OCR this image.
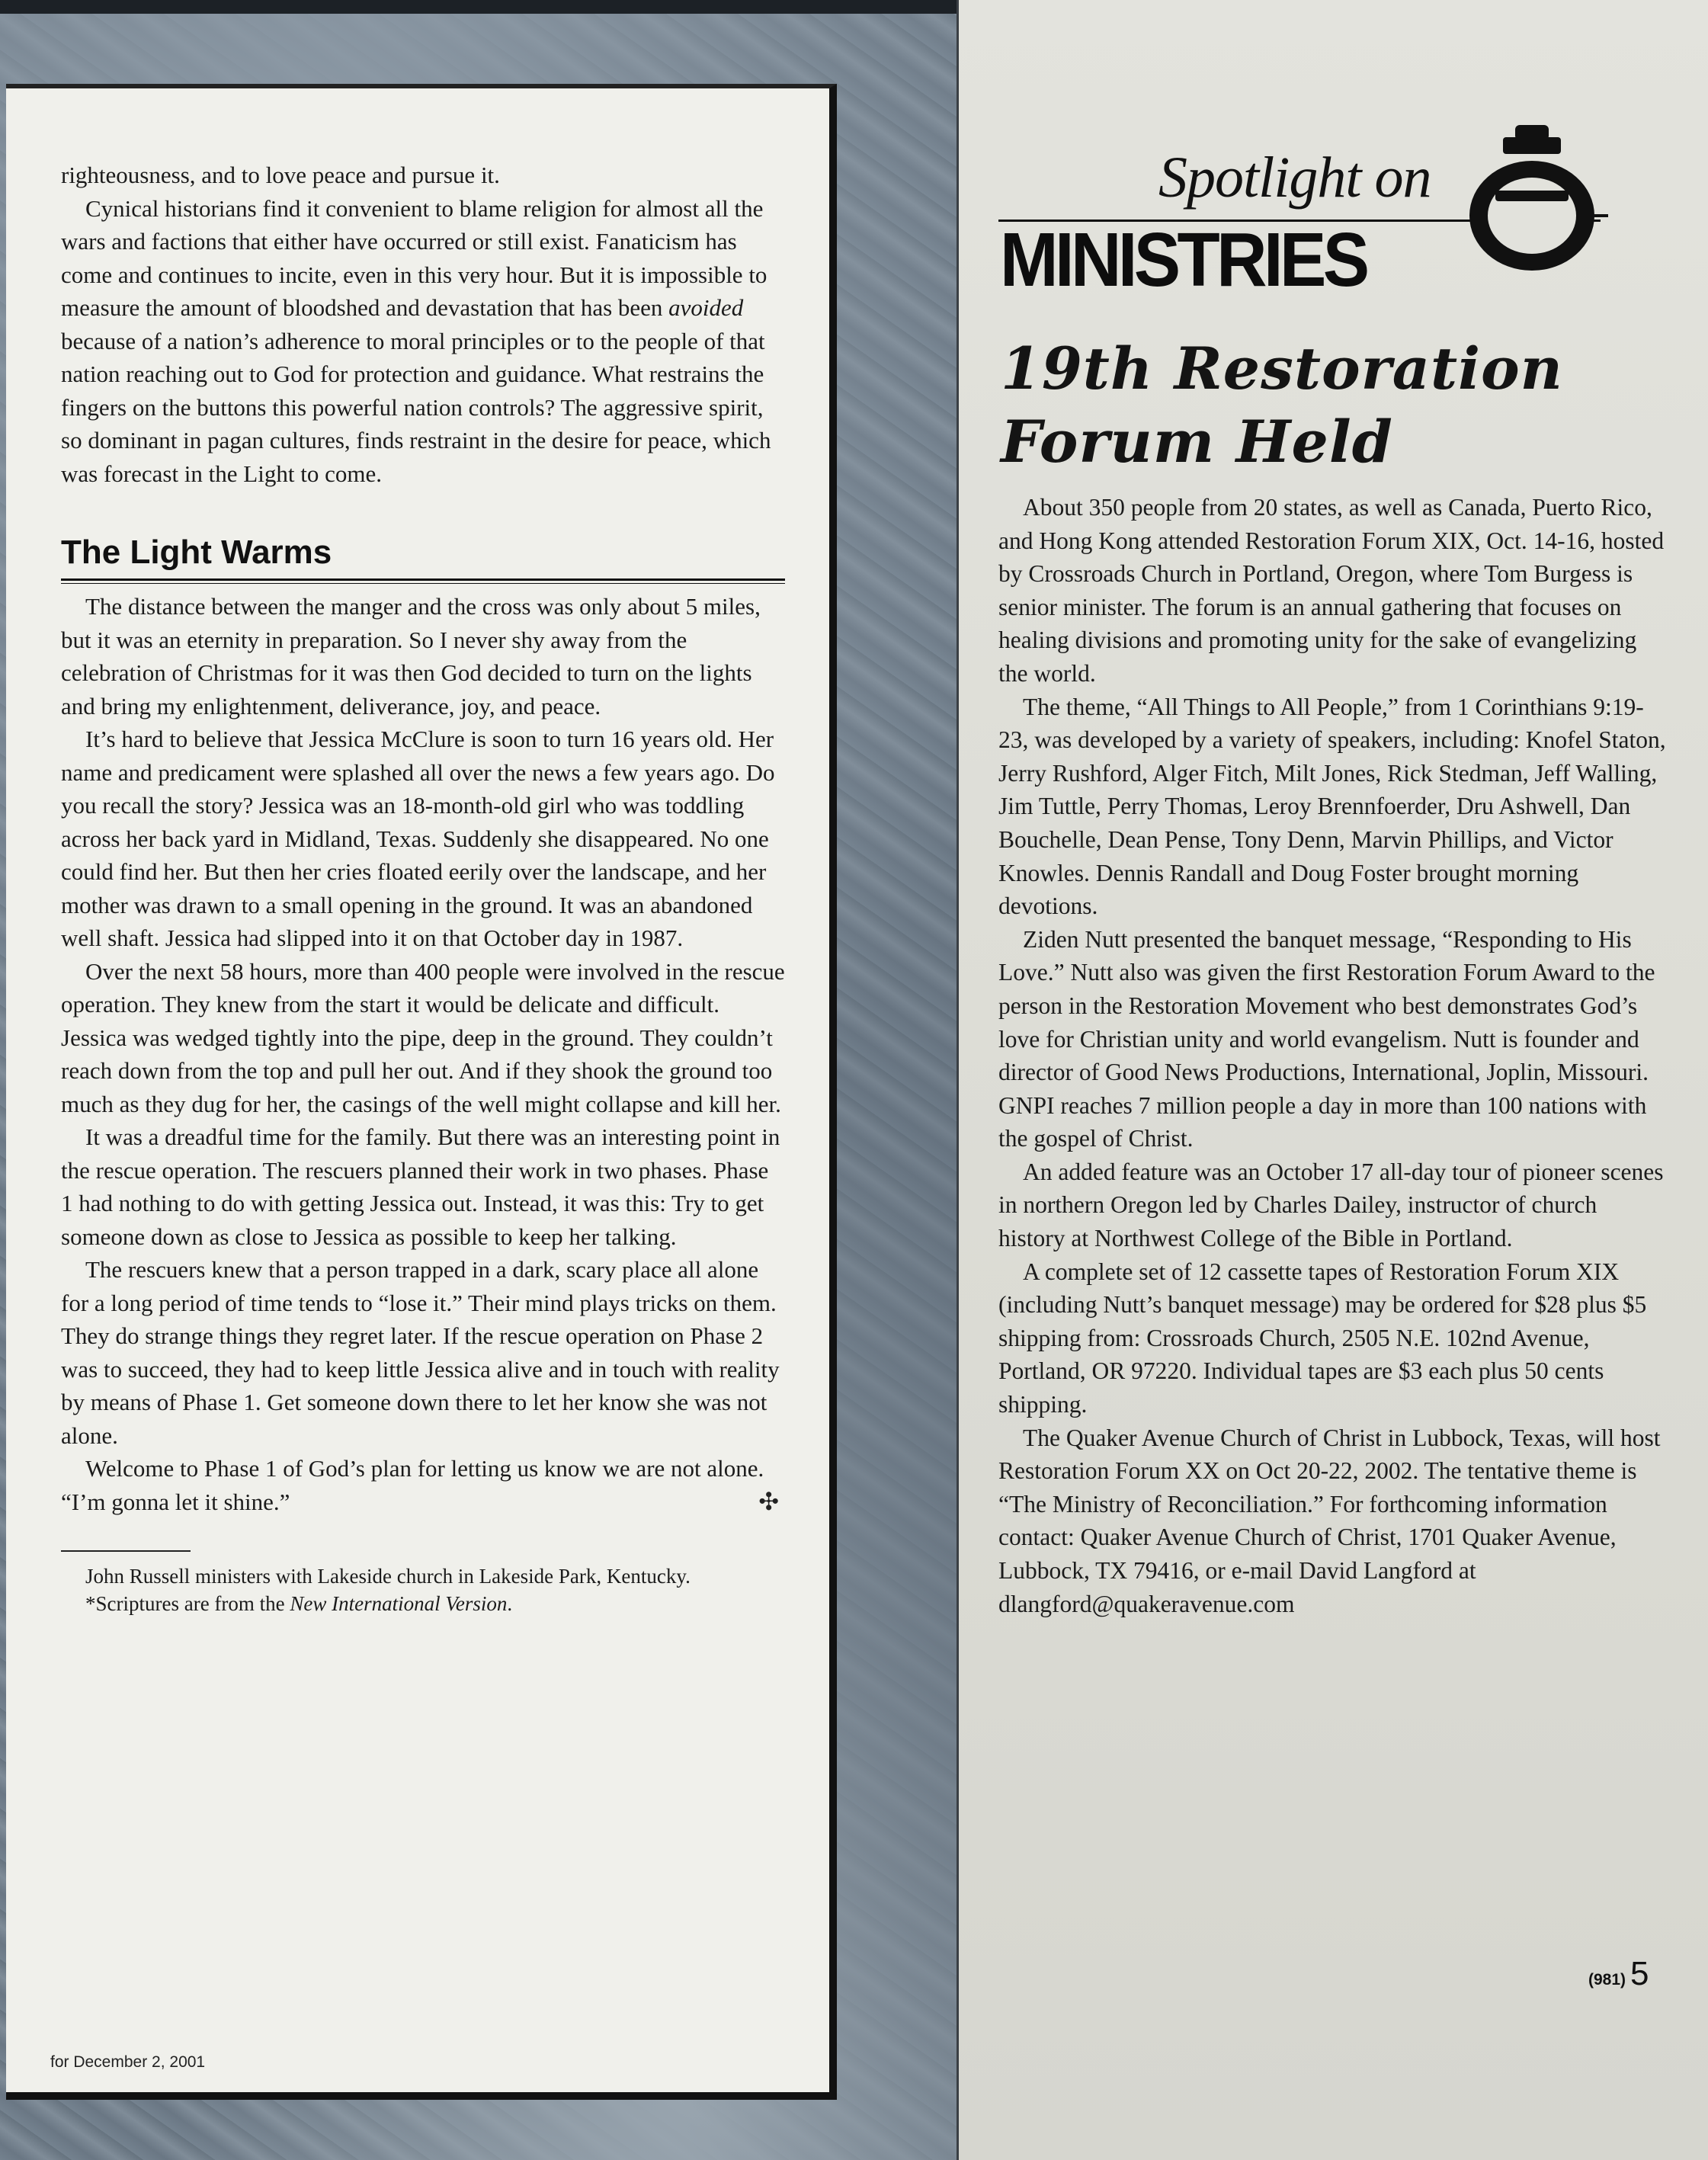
righteousness, and to love peace and pursue it.

Cynical historians find it convenient to blame religion for almost all the wars and factions that either have occurred or still exist. Fanaticism has come and continues to incite, even in this very hour. But it is impossible to measure the amount of bloodshed and devastation that has been avoided because of a nation’s adherence to moral principles or to the people of that nation reaching out to God for protection and guidance. What restrains the fingers on the buttons this powerful nation controls? The aggressive spirit, so dominant in pagan cultures, finds restraint in the desire for peace, which was forecast in the Light to come.

The Light Warms

The distance between the manger and the cross was only about 5 miles, but it was an eternity in preparation. So I never shy away from the celebration of Christmas for it was then God decided to turn on the lights and bring my enlightenment, deliverance, joy, and peace.

It’s hard to believe that Jessica McClure is soon to turn 16 years old. Her name and predicament were splashed all over the news a few years ago. Do you recall the story? Jessica was an 18-month-old girl who was toddling across her back yard in Midland, Texas. Suddenly she disappeared. No one could find her. But then her cries floated eerily over the landscape, and her mother was drawn to a small opening in the ground. It was an abandoned well shaft. Jessica had slipped into it on that October day in 1987.

Over the next 58 hours, more than 400 people were involved in the rescue operation. They knew from the start it would be delicate and difficult. Jessica was wedged tightly into the pipe, deep in the ground. They couldn’t reach down from the top and pull her out. And if they shook the ground too much as they dug for her, the casings of the well might collapse and kill her.

It was a dreadful time for the family. But there was an interesting point in the rescue operation. The rescuers planned their work in two phases. Phase 1 had nothing to do with getting Jessica out. Instead, it was this: Try to get someone down as close to Jessica as possible to keep her talking.

The rescuers knew that a person trapped in a dark, scary place all alone for a long period of time tends to “lose it.” Their mind plays tricks on them. They do strange things they regret later. If the rescue operation on Phase 2 was to succeed, they had to keep little Jessica alive and in touch with reality by means of Phase 1. Get someone down there to let her know she was not alone.

Welcome to Phase 1 of God’s plan for letting us know we are not alone. “I’m gonna let it shine.”	✣

John Russell ministers with Lakeside church in Lakeside Park, Kentucky.

*Scriptures are from the New International Version.

for December 2, 2001
Spotlight on
MINISTRIES
19th Restoration
Forum Held

About 350 people from 20 states, as well as Canada, Puerto Rico, and Hong Kong attended Restoration Forum XIX, Oct. 14-16, hosted by Crossroads Church in Portland, Oregon, where Tom Burgess is senior minister. The forum is an annual gathering that focuses on healing divisions and promoting unity for the sake of evangelizing the world.

The theme, “All Things to All People,” from 1 Corinthians 9:19-23, was developed by a variety of speakers, including: Knofel Staton, Jerry Rushford, Alger Fitch, Milt Jones, Rick Stedman, Jeff Walling, Jim Tuttle, Perry Thomas, Leroy Brennfoerder, Dru Ashwell, Dan Bouchelle, Dean Pense, Tony Denn, Marvin Phillips, and Victor Knowles. Dennis Randall and Doug Foster brought morning devotions.

Ziden Nutt presented the banquet message, “Responding to His Love.” Nutt also was given the first Restoration Forum Award to the person in the Restoration Movement who best demonstrates God’s love for Christian unity and world evangelism. Nutt is founder and director of Good News Productions, International, Joplin, Missouri. GNPI reaches 7 million people a day in more than 100 nations with the gospel of Christ.

An added feature was an October 17 all-day tour of pioneer scenes in northern Oregon led by Charles Dailey, instructor of church history at Northwest College of the Bible in Portland.

A complete set of 12 cassette tapes of Restoration Forum XIX (including Nutt’s banquet message) may be ordered for $28 plus $5 shipping from: Crossroads Church, 2505 N.E. 102nd Avenue, Portland, OR 97220. Individual tapes are $3 each plus 50 cents shipping.

The Quaker Avenue Church of Christ in Lubbock, Texas, will host Restoration Forum XX on Oct 20-22, 2002. The tentative theme is “The Ministry of Reconciliation.” For forthcoming information contact: Quaker Avenue Church of Christ, 1701 Quaker Avenue, Lubbock, TX 79416, or e-mail David Langford at dlangford@quakeravenue.com

(981) 5
